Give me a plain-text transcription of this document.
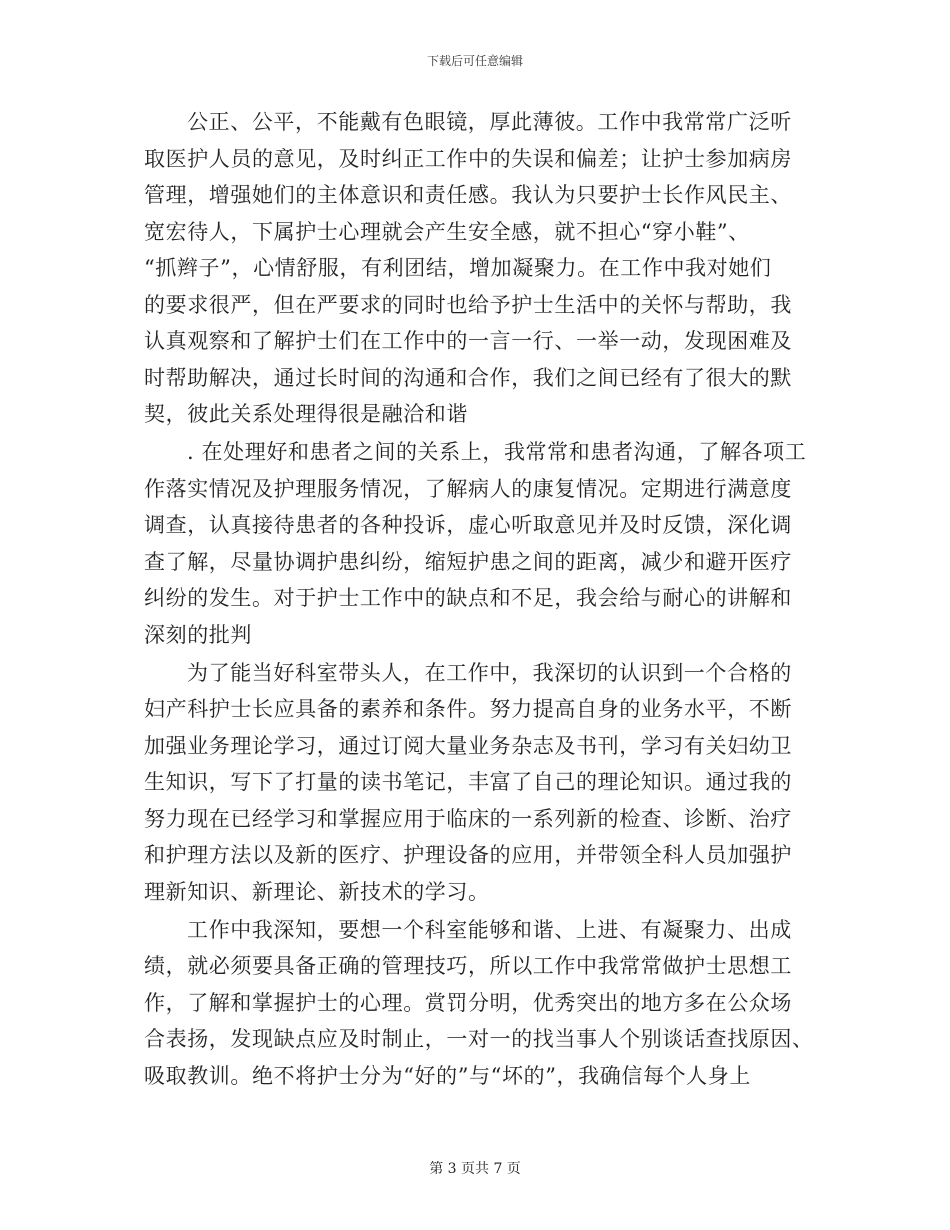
下载后可任意编辑
公正、公平，不能戴有色眼镜，厚此薄彼。工作中我常常广泛听
取医护人员的意见，及时纠正工作中的失误和偏差；让护士参加病房
管理，增强她们的主体意识和责任感。我认为只要护士长作风民主、
宽宏待人，下属护士心理就会产生安全感，就不担心“穿小鞋”、
“抓辫子”，心情舒服，有利团结，增加凝聚力。在工作中我对她们
的要求很严，但在严要求的同时也给予护士生活中的关怀与帮助，我
认真观察和了解护士们在工作中的一言一行、一举一动，发现困难及
时帮助解决，通过长时间的沟通和合作，我们之间已经有了很大的默
契，彼此关系处理得很是融洽和谐
. 在处理好和患者之间的关系上，我常常和患者沟通，了解各项工
作落实情况及护理服务情况，了解病人的康复情况。定期进行满意度
调查，认真接待患者的各种投诉，虚心听取意见并及时反馈，深化调
查了解，尽量协调护患纠纷，缩短护患之间的距离，减少和避开医疗
纠纷的发生。对于护士工作中的缺点和不足，我会给与耐心的讲解和
深刻的批判
为了能当好科室带头人，在工作中，我深切的认识到一个合格的
妇产科护士长应具备的素养和条件。努力提高自身的业务水平，不断
加强业务理论学习，通过订阅大量业务杂志及书刊，学习有关妇幼卫
生知识，写下了打量的读书笔记，丰富了自己的理论知识。通过我的
努力现在已经学习和掌握应用于临床的一系列新的检查、诊断、治疗
和护理方法以及新的医疗、护理设备的应用，并带领全科人员加强护
理新知识、新理论、新技术的学习。
工作中我深知，要想一个科室能够和谐、上进、有凝聚力、出成
绩，就必须要具备正确的管理技巧，所以工作中我常常做护士思想工
作，了解和掌握护士的心理。赏罚分明，优秀突出的地方多在公众场
合表扬，发现缺点应及时制止，一对一的找当事人个别谈话查找原因、
吸取教训。绝不将护士分为“好的”与“坏的”，我确信每个人身上
第 3 页共 7 页
